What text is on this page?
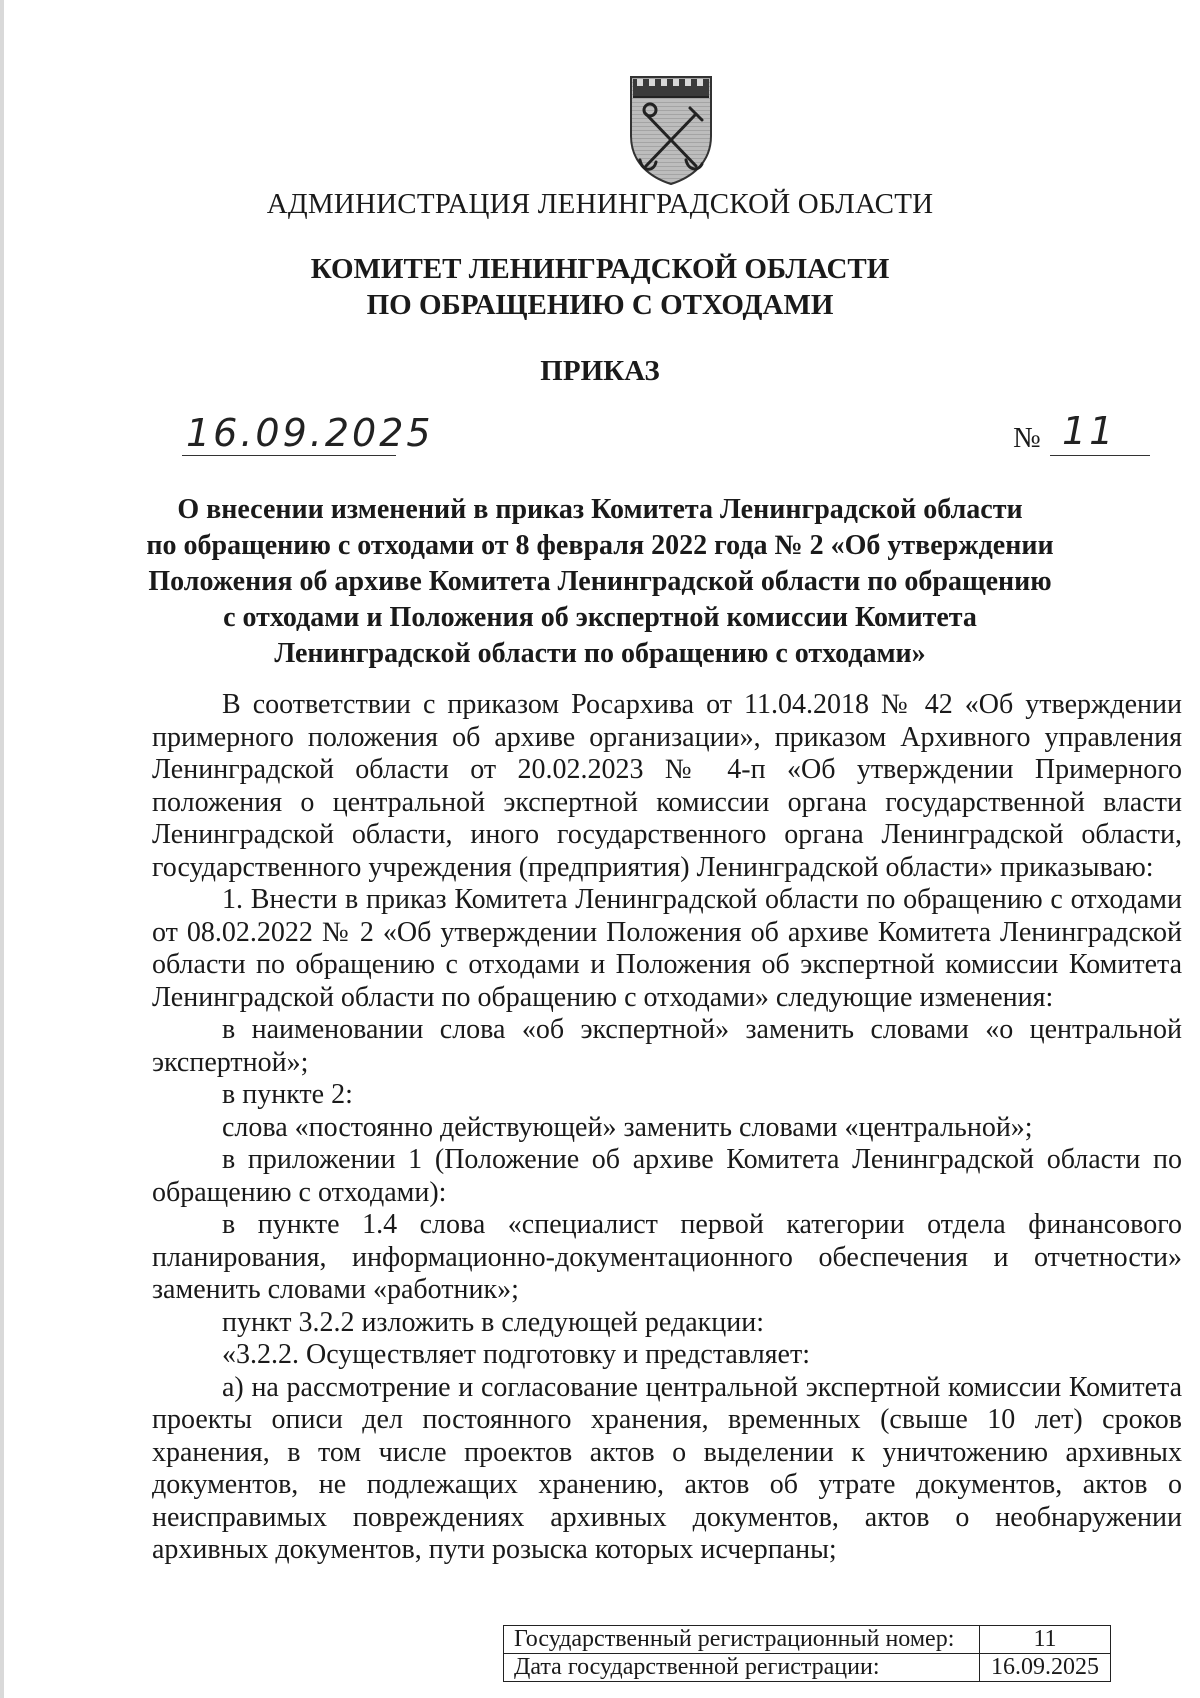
АДМИНИСТРАЦИЯ ЛЕНИНГРАДСКОЙ ОБЛАСТИ
КОМИТЕТ ЛЕНИНГРАДСКОЙ ОБЛАСТИ
ПО ОБРАЩЕНИЮ С ОТХОДАМИ
ПРИКАЗ
16.09.2025	№ 11
О внесении изменений в приказ Комитета Ленинградской области
по обращению с отходами от 8 февраля 2022 года № 2 «Об утверждении
Положения об архиве Комитета Ленинградской области по обращению
с отходами и Положения об экспертной комиссии Комитета
Ленинградской области по обращению с отходами»

В соответствии с приказом Росархива от 11.04.2018 № 42 «Об утверждении примерного положения об архиве организации», приказом Архивного управления Ленинградской области от 20.02.2023 № 4-п «Об утверждении Примерного положения о центральной экспертной комиссии органа государственной власти Ленинградской области, иного государственного органа Ленинградской области, государственного учреждения (предприятия) Ленинградской области» приказываю:

1. Внести в приказ Комитета Ленинградской области по обращению с отходами от 08.02.2022 № 2 «Об утверждении Положения об архиве Комитета Ленинградской области по обращению с отходами и Положения об экспертной комиссии Комитета Ленинградской области по обращению с отходами» следующие изменения:

в наименовании слова «об экспертной» заменить словами «о центральной экспертной»;

в пункте 2:

слова «постоянно действующей» заменить словами «центральной»;

в приложении 1 (Положение об архиве Комитета Ленинградской области по обращению с отходами):

в пункте 1.4 слова «специалист первой категории отдела финансового планирования, информационно-документационного обеспечения и отчетности» заменить словами «работник»;

пункт 3.2.2 изложить в следующей редакции:

«3.2.2. Осуществляет подготовку и представляет:

а) на рассмотрение и согласование центральной экспертной комиссии Комитета проекты описи дел постоянного хранения, временных (свыше 10 лет) сроков хранения, в том числе проектов актов о выделении к уничтожению архивных документов, не подлежащих хранению, актов об утрате документов, актов о неисправимых повреждениях архивных документов, актов о необнаружении архивных документов, пути розыска которых исчерпаны;

Государственный регистрационный номер:	11
Дата государственной регистрации:	16.09.2025
